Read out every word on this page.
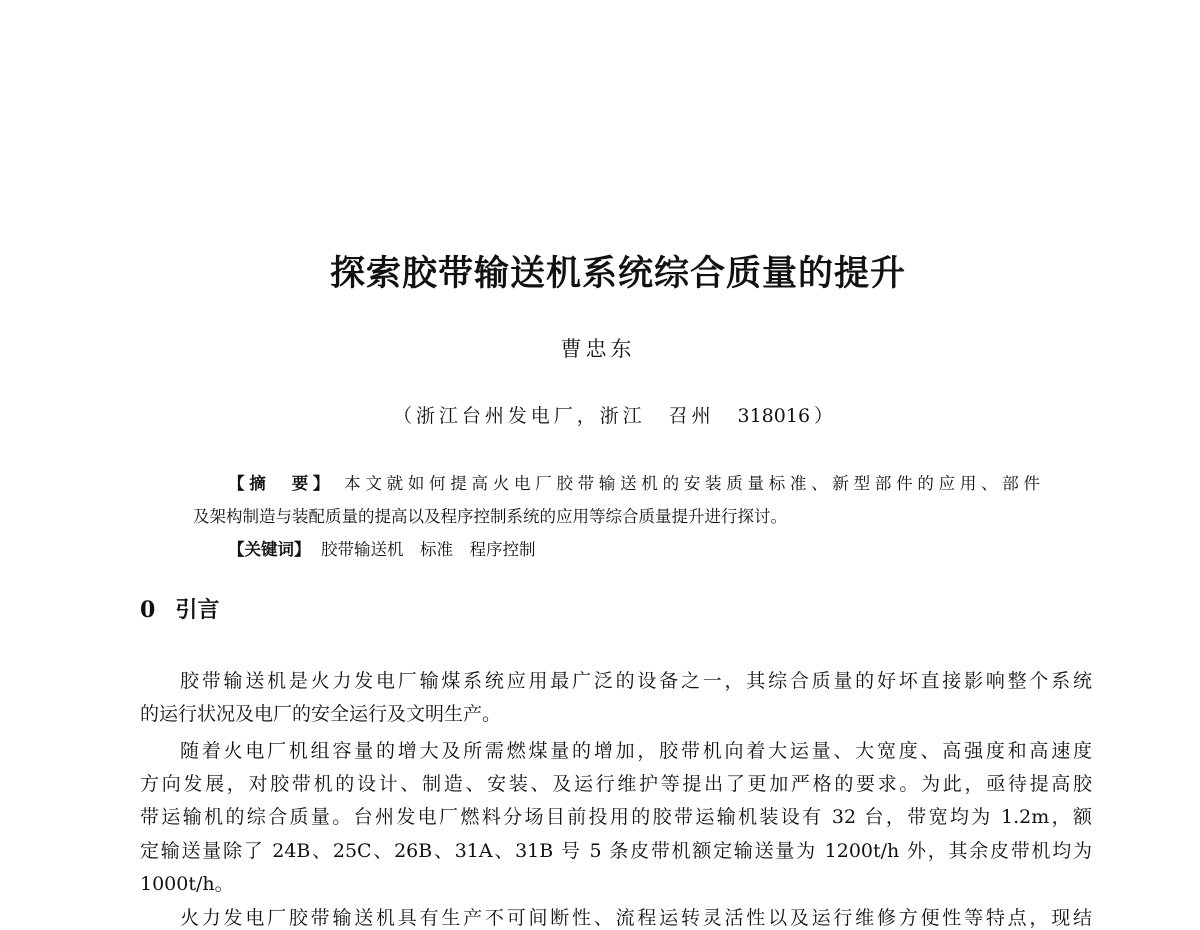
探索胶带输送机系统综合质量的提升
曹忠东
（浙江台州发电厂，浙江　召州　318016）
【摘　要】 本文就如何提高火电厂胶带输送机的安装质量标准、新型部件的应用、部件
及架构制造与装配质量的提高以及程序控制系统的应用等综合质量提升进行探讨。
【关键词】 胶带输送机　标准　程序控制
0 引言
胶带输送机是火力发电厂输煤系统应用最广泛的设备之一，其综合质量的好坏直接影响整个系统
的运行状况及电厂的安全运行及文明生产。
随着火电厂机组容量的增大及所需燃煤量的增加，胶带机向着大运量、大宽度、高强度和高速度
方向发展，对胶带机的设计、制造、安装、及运行维护等提出了更加严格的要求。为此，亟待提高胶
带运输机的综合质量。台州发电厂燃料分场目前投用的胶带运输机装设有 32 台，带宽均为 1.2m，额
定输送量除了 24B、25C、26B、31A、31B 号 5 条皮带机额定输送量为 1200t/h 外，其余皮带机均为
1000t/h。
火力发电厂胶带输送机具有生产不可间断性、流程运转灵活性以及运行维修方便性等特点，现结
